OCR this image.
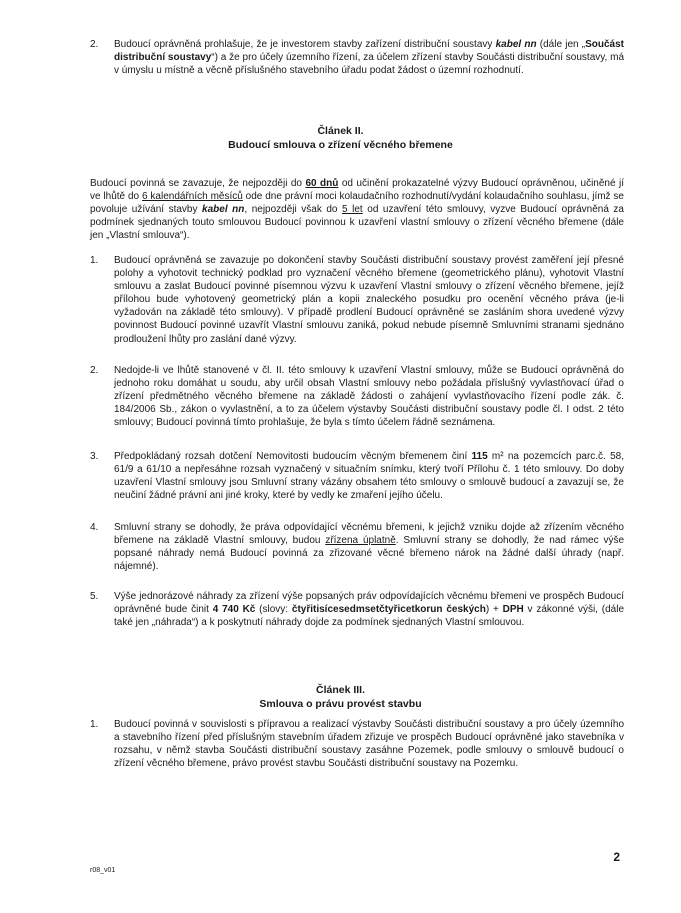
2.	Budoucí oprávněná prohlašuje, že je investorem stavby zařízení distribuční soustavy kabel nn (dále jen „Součást distribuční soustavy“) a že pro účely územního řízení, za účelem zřízení stavby Součásti distribuční soustavy, má v úmyslu u místně a věcně příslušného stavebního úřadu podat žádost o územní rozhodnutí.
Článek II.
Budoucí smlouva o zřízení věcného břemene
Budoucí povinná se zavazuje, že nejpozději do 60 dnů od učinění prokazatelné výzvy Budoucí oprávněnou, učiněné jí ve lhůtě do 6 kalendářních měsíců ode dne právní moci kolaudačního rozhodnutí/vydání kolaudačního souhlasu, jímž se povoluje užívání stavby kabel nn, nejpozději však do 5 let od uzavření této smlouvy, vyzve Budoucí oprávněná za podmínek sjednaných touto smlouvou Budoucí povinnou k uzavření vlastní smlouvy o zřízení věcného břemene (dále jen „Vlastní smlouva“).
1.	Budoucí oprávněná se zavazuje po dokončení stavby Součásti distribuční soustavy provést zaměření její přesné polohy a vyhotovit technický podklad pro vyznačení věcného břemene (geometrického plánu), vyhotovit Vlastní smlouvu a zaslat Budoucí povinné písemnou výzvu k uzavření Vlastní smlouvy o zřízení věcného břemene, jejíž přílohou bude vyhotovený geometrický plán a kopii znaleckého posudku pro ocenění věcného práva (je-li vyžadován na základě této smlouvy). V případě prodlení Budoucí oprávněné se zasláním shora uvedené výzvy povinnost Budoucí povinné uzavřít Vlastní smlouvu zaniká, pokud nebude písemně Smluvními stranami sjednáno prodloužení lhůty pro zaslání dané výzvy.
2.	Nedojde-li ve lhůtě stanovené v čl. II. této smlouvy k uzavření Vlastní smlouvy, může se Budoucí oprávněná do jednoho roku domáhat u soudu, aby určil obsah Vlastní smlouvy nebo požádala příslušný vyvlastňovací úřad o zřízení předmětného věcného břemene na základě žádosti o zahájení vyvlastňovacího řízení podle zák. č. 184/2006 Sb., zákon o vyvlastnění, a to za účelem výstavby Součásti distribuční soustavy podle čl. I odst. 2 této smlouvy; Budoucí povinná tímto prohlašuje, že byla s tímto účelem řádně seznámena.
3.	Předpokládaný rozsah dotčení Nemovitosti budoucím věcným břemenem činí 115 m² na pozemcích parc.č. 58, 61/9 a 61/10 a nepřesáhne rozsah vyznačený v situačním snímku, který tvoří Přílohu č. 1 této smlouvy. Do doby uzavření Vlastní smlouvy jsou Smluvní strany vázány obsahem této smlouvy o smlouvě budoucí a zavazují se, že neučiní žádné právní ani jiné kroky, které by vedly ke zmaření jejího účelu.
4.	Smluvní strany se dohodly, že práva odpovídající věcnému břemeni, k jejichž vzniku dojde až zřízením věcného břemene na základě Vlastní smlouvy, budou zřízena úplatně. Smluvní strany se dohodly, že nad rámec výše popsané náhrady nemá Budoucí povinná za zřizované věcné břemeno nárok na žádné další úhrady (např. nájemné).
5.	Výše jednorázové náhrady za zřízení výše popsaných práv odpovídajících věcnému břemeni ve prospěch Budoucí oprávněné bude činit 4 740 Kč (slovy: čtyřitisícesedmsetčtyřicetkorun českých) + DPH v zákonné výši, (dále také jen „náhrada“) a k poskytnutí náhrady dojde za podmínek sjednaných Vlastní smlouvou.
Článek III.
Smlouva o právu provést stavbu
1.	Budoucí povinná v souvislosti s přípravou a realizací výstavby Součásti distribuční soustavy a pro účely územního a stavebního řízení před příslušným stavebním úřadem zřizuje ve prospěch Budoucí oprávněné jako stavebníka v rozsahu, v němž stavba Součásti distribuční soustavy zasáhne Pozemek, podle smlouvy o smlouvě budoucí o zřízení věcného břemene, právo provést stavbu Součásti distribuční soustavy na Pozemku.
2
r08_v01
